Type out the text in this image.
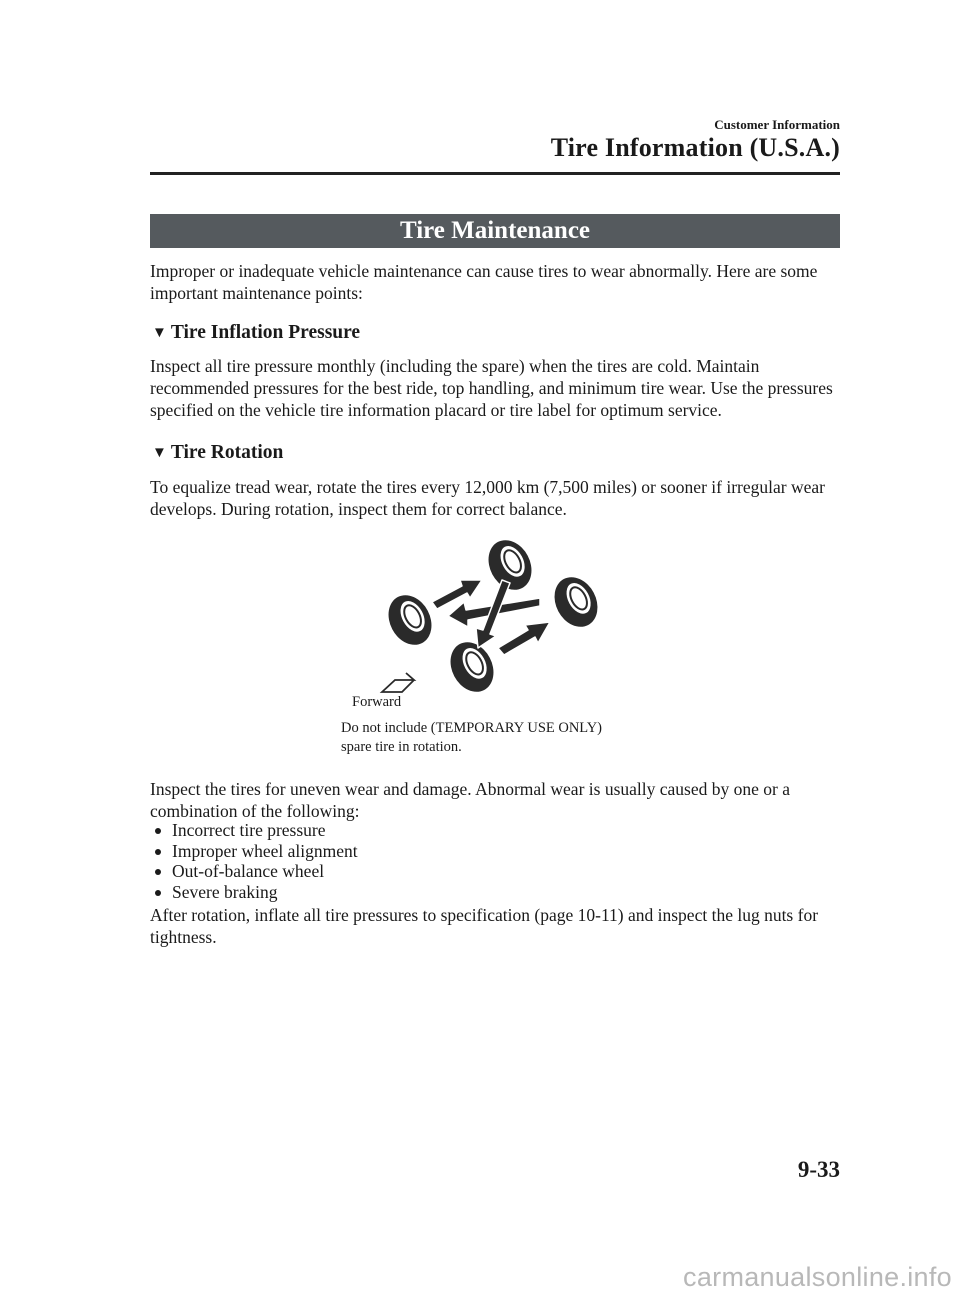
Customer Information
Tire Information (U.S.A.)
Tire Maintenance
Improper or inadequate vehicle maintenance can cause tires to wear abnormally. Here are some important maintenance points:
▼ Tire Inflation Pressure
Inspect all tire pressure monthly (including the spare) when the tires are cold. Maintain recommended pressures for the best ride, top handling, and minimum tire wear. Use the pressures specified on the vehicle tire information placard or tire label for optimum service.
▼ Tire Rotation
To equalize tread wear, rotate the tires every 12,000 km (7,500 miles) or sooner if irregular wear develops. During rotation, inspect them for correct balance.
Forward
Do not include (TEMPORARY USE ONLY)
spare tire in rotation.
Inspect the tires for uneven wear and damage. Abnormal wear is usually caused by one or a combination of the following:
Incorrect tire pressure
Improper wheel alignment
Out-of-balance wheel
Severe braking
After rotation, inflate all tire pressures to specification (page 10-11) and inspect the lug nuts for tightness.
9-33
carmanualsonline.info
